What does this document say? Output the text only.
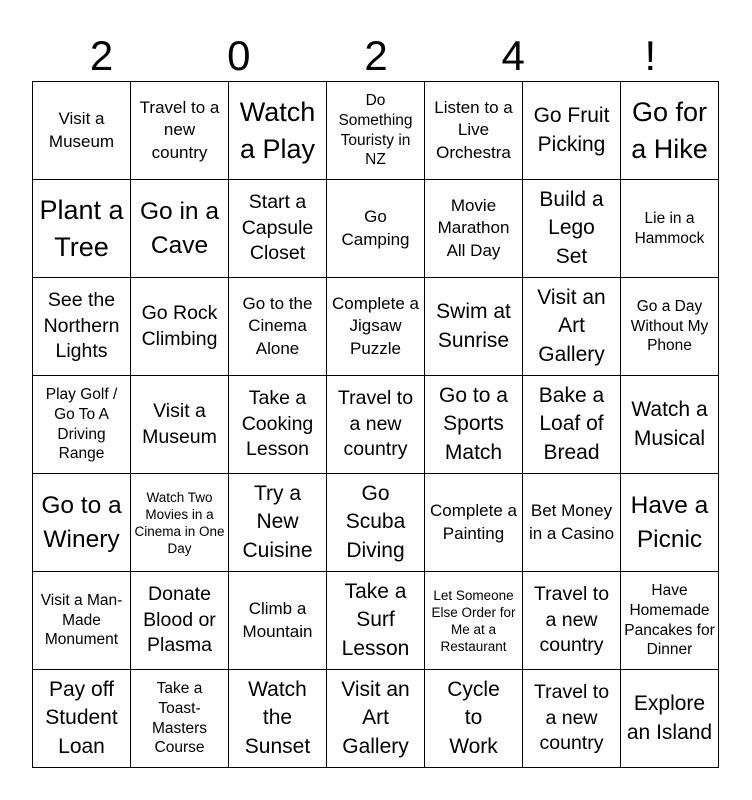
2	0	2	4	!
Visit a Museum
Travel to a new country
Watch a Play
Do Something Touristy in NZ
Listen to a Live Orchestra
Go Fruit Picking
Go for a Hike
Plant a Tree
Go in a Cave
Start a Capsule Closet
Go Camping
Movie Marathon All Day
Build a Lego Set
Lie in a Hammock
See the Northern Lights
Go Rock Climbing
Go to the Cinema Alone
Complete a Jigsaw Puzzle
Swim at Sunrise
Visit an Art Gallery
Go a Day Without My Phone
Play Golf / Go To A Driving Range
Visit a Museum
Take a Cooking Lesson
Travel to a new country
Go to a Sports Match
Bake a Loaf of Bread
Watch a Musical
Go to a Winery
Watch Two Movies in a Cinema in One Day
Try a New Cuisine
Go Scuba Diving
Complete a Painting
Bet Money in a Casino
Have a Picnic
Visit a Man-Made Monument
Donate Blood or Plasma
Climb a Mountain
Take a Surf Lesson
Let Someone Else Order for Me at a Restaurant
Travel to a new country
Have Homemade Pancakes for Dinner
Pay off Student Loan
Take a Toast-Masters Course
Watch the Sunset
Visit an Art Gallery
Cycle to Work
Travel to a new country
Explore an Island
